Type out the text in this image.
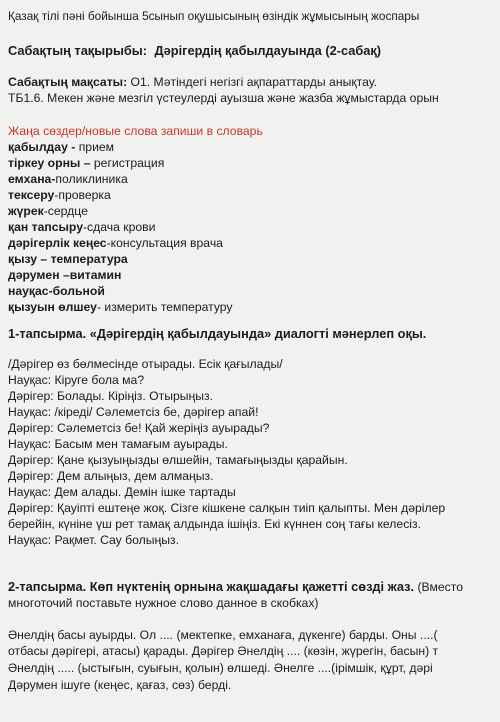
Қазақ тілі пәні бойынша 5сынып оқушысының өзіндік жұмысының жоспары
Сабақтың тақырыбы: Дәрігердің қабылдауында (2-сабақ)
Сабақтың мақсаты: О1. Мәтіндегі негізгі ақпараттарды анықтау.
ТБ1.6. Мекен және мезгіл үстеулерді ауызша және жазба жұмыстарда орын
Жаңа сөздер/новые слова запиши в словарь
қабылдау - прием
тіркеу орны – регистрация
емхана-поликлиника
тексеру-проверка
жүрек-сердце
қан тапсыру-сдача крови
дәрігерлік кеңес-консультация врача
қызу – температура
дәрумен –витамин
науқас-больной
қызуын өлшеу- измерить температуру
1-тапсырма. «Дәрігердің қабылдауында» диалогті мәнерлеп оқы.
/Дәрігер өз бөлмесінде отырады. Есік қағылады/
Науқас: Кіруге бола ма?
Дәрігер: Болады. Кіріңіз. Отырыңыз.
Науқас: /кіреді/ Сәлеметсіз бе, дәрігер апай!
Дәрігер: Сәлеметсіз бе! Қай жеріңіз ауырады?
Науқас: Басым мен тамағым ауырады.
Дәрігер: Қане қызуыңызды өлшейін, тамағыңызды қарайын.
Дәрігер: Дем алыңыз, дем алмаңыз.
Науқас: Дем алады. Демін ішке тартады
Дәрігер: Қауіпті ештеңе жоқ. Сізге кішкене салқын тиіп қалыпты. Мен дәрілер
берейін, күніне үш рет тамақ алдында ішіңіз. Екі күннен соң тағы келесіз.
Науқас: Рақмет. Сау болыңыз.
2-тапсырма. Көп нүктенің орнына жақшадағы қажетті сөзді жаз. (Вместо
многоточий поставьте нужное слово данное в скобках)
Әнелдің басы ауырды. Ол .... (мектепке, емханаға, дүкенге) барды. Оны ....(
отбасы дәрігері, атасы) қарады. Дәрігер Әнелдің .... (көзін, жүрегін, басын) т
Әнелдің ..... (ыстығын, суығын, қолын) өлшеді. Әнелге ....(ірімшік, құрт, дәрі
Дәрумен ішуге (кеңес, қағаз, сөз) берді.
